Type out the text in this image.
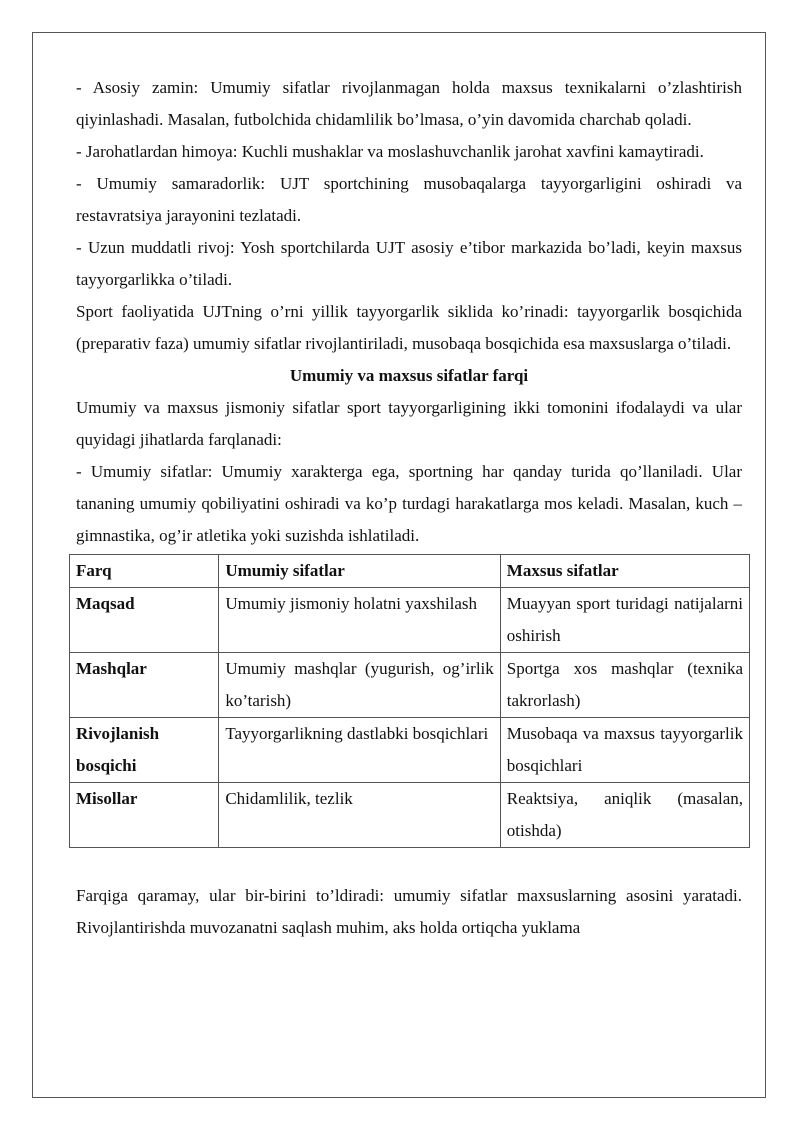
- Asosiy zamin: Umumiy sifatlar rivojlanmagan holda maxsus texnikalarni o’zlashtirish qiyinlashadi. Masalan, futbolchida chidamlilik bo’lmasa, o’yin davomida charchab qoladi.

- Jarohatlardan himoya: Kuchli mushaklar va moslashuvchanlik jarohat xavfini kamaytiradi.

- Umumiy samaradorlik: UJT sportchining musobaqalarga tayyorgarligini oshiradi va restavratsiya jarayonini tezlatadi.

- Uzun muddatli rivoj: Yosh sportchilarda UJT asosiy e’tibor markazida bo’ladi, keyin maxsus tayyorgarlikka o’tiladi.

Sport faoliyatida UJTning o’rni yillik tayyorgarlik siklida ko’rinadi: tayyorgarlik bosqichida (preparativ faza) umumiy sifatlar rivojlantiriladi, musobaqa bosqichida esa maxsuslarga o’tiladi.

Umumiy va maxsus sifatlar farqi

Umumiy va maxsus jismoniy sifatlar sport tayyorgarligining ikki tomonini ifodalaydi va ular quyidagi jihatlarda farqlanadi:

- Umumiy sifatlar: Umumiy xarakterga ega, sportning har qanday turida qo’llaniladi. Ular tananing umumiy qobiliyatini oshiradi va ko’p turdagi harakatlarga mos keladi. Masalan, kuch – gimnastika, og’ir atletika yoki suzishda ishlatiladi.

Farq	Umumiy sifatlar	Maxsus sifatlar
Maqsad	Umumiy jismoniy holatni yaxshilash	Muayyan sport turidagi natijalarni oshirish
Mashqlar	Umumiy mashqlar (yugurish, og’irlik ko’tarish)	Sportga xos mashqlar (texnika takrorlash)
Rivojlanish bosqichi	Tayyorgarlikning dastlabki bosqichlari	Musobaqa va maxsus tayyorgarlik bosqichlari
Misollar	Chidamlilik, tezlik	Reaktsiya, aniqlik (masalan, otishda)

Farqiga qaramay, ular bir-birini to’ldiradi: umumiy sifatlar maxsuslarning asosini yaratadi. Rivojlantirishda muvozanatni saqlash muhim, aks holda ortiqcha yuklama
